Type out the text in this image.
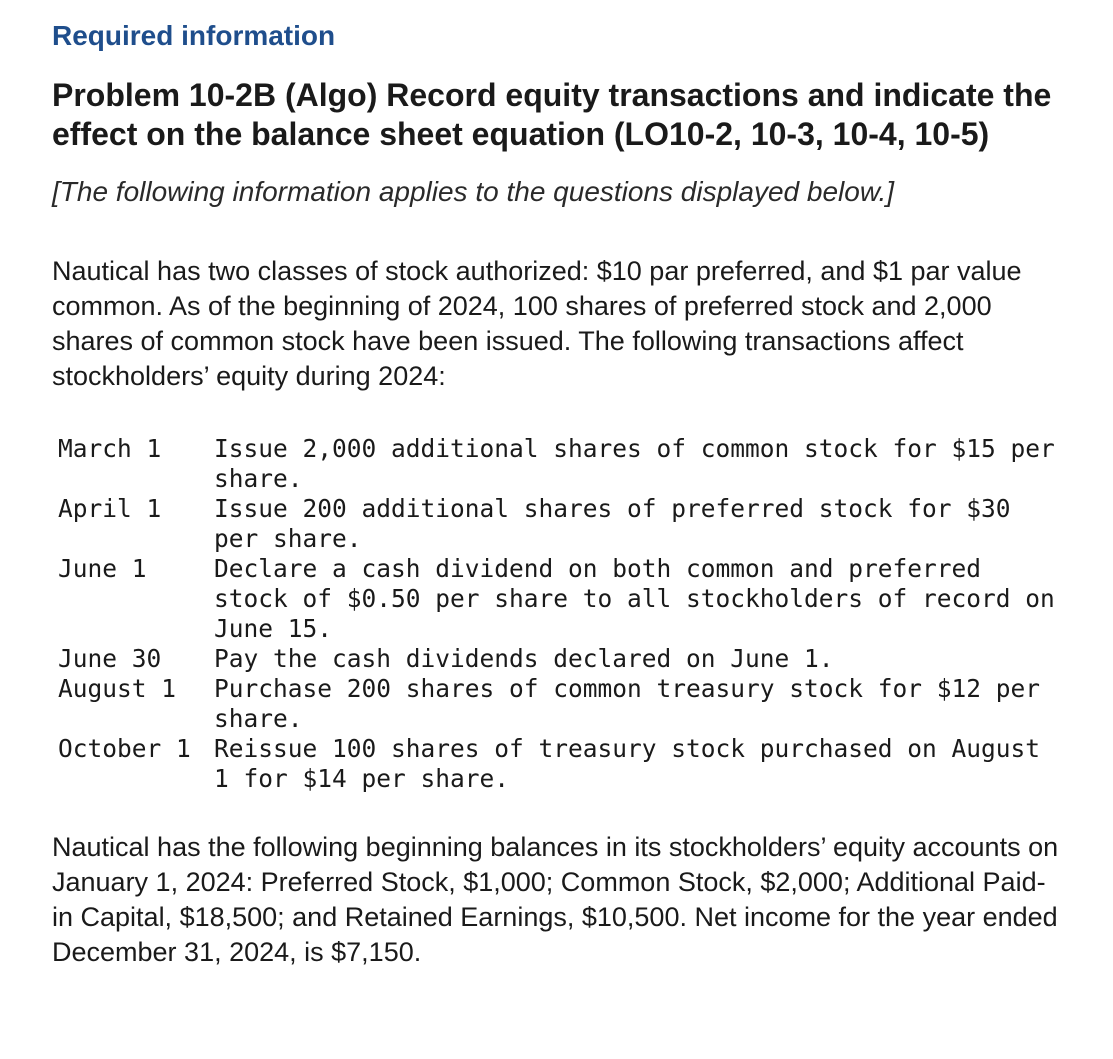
Required information
Problem 10-2B (Algo) Record equity transactions and indicate the effect on the balance sheet equation (LO10-2, 10-3, 10-4, 10-5)

[The following information applies to the questions displayed below.]

Nautical has two classes of stock authorized: $10 par preferred, and $1 par value common. As of the beginning of 2024, 100 shares of preferred stock and 2,000 shares of common stock have been issued. The following transactions affect stockholders’ equity during 2024:

March 1	Issue 2,000 additional shares of common stock for $15 per share.
April 1	Issue 200 additional shares of preferred stock for $30 per share.
June 1	Declare a cash dividend on both common and preferred stock of $0.50 per share to all stockholders of record on June 15.
June 30	Pay the cash dividends declared on June 1.
August 1	Purchase 200 shares of common treasury stock for $12 per share.
October 1 Reissue 100 shares of treasury stock purchased on August 1 for $14 per share.

Nautical has the following beginning balances in its stockholders’ equity accounts on January 1, 2024: Preferred Stock, $1,000; Common Stock, $2,000; Additional Paid-in Capital, $18,500; and Retained Earnings, $10,500. Net income for the year ended December 31, 2024, is $7,150.
